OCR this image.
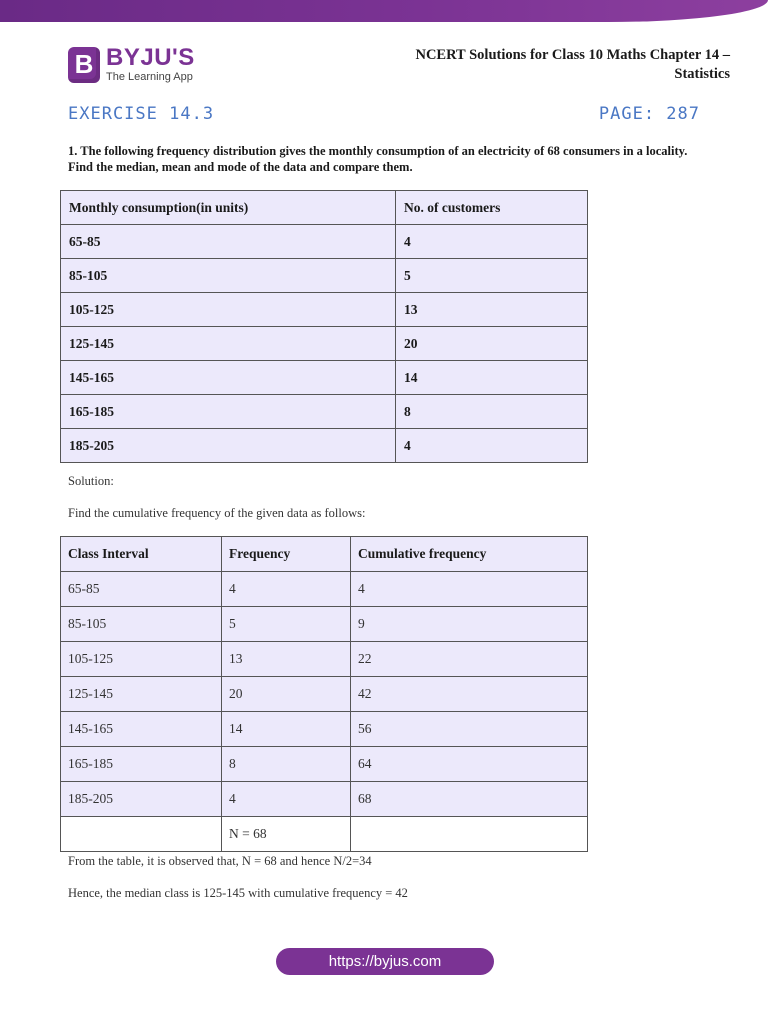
B BYJU'S
The Learning App
NCERT Solutions for Class 10 Maths Chapter 14 –
Statistics
EXERCISE 14.3	PAGE: 287
1. The following frequency distribution gives the monthly consumption of an electricity of 68 consumers in a locality. Find the median, mean and mode of the data and compare them.
Monthly consumption(in units)	No. of customers
65-85	4
85-105	5
105-125	13
125-145	20
145-165	14
165-185	8
185-205	4
Solution:
Find the cumulative frequency of the given data as follows:
Class Interval	Frequency	Cumulative frequency
65-85	4	4
85-105	5	9
105-125	13	22
125-145	20	42
145-165	14	56
165-185	8	64
185-205	4	68
	N = 68	
From the table, it is observed that, N = 68 and hence N/2=34
Hence, the median class is 125-145 with cumulative frequency = 42
https://byjus.com
